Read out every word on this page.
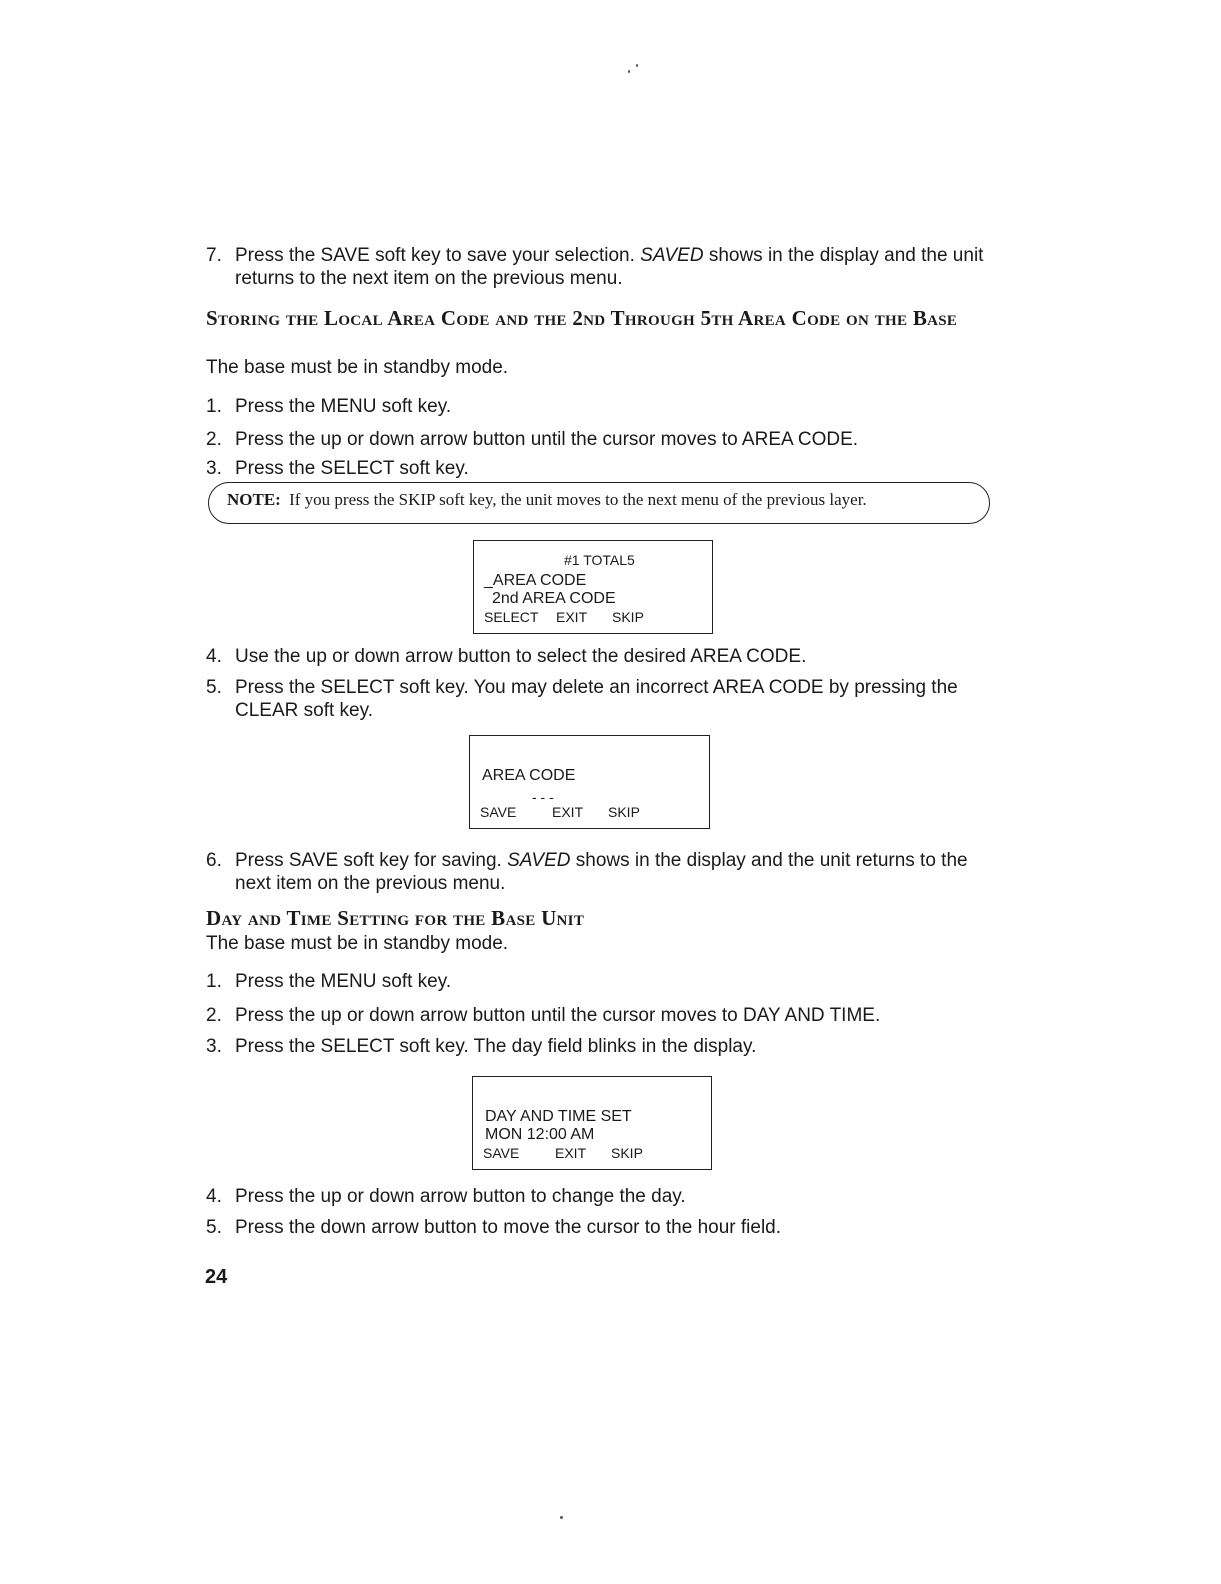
7. Press the SAVE soft key to save your selection. SAVED shows in the display and the unit returns to the next item on the previous menu.
Storing the Local Area Code and the 2nd Through 5th Area Code on the Base
The base must be in standby mode.
1. Press the MENU soft key.
2. Press the up or down arrow button until the cursor moves to AREA CODE.
3. Press the SELECT soft key.
NOTE: If you press the SKIP soft key, the unit moves to the next menu of the previous layer.
#1 TOTAL5
_AREA CODE
2nd AREA CODE
SELECT EXIT SKIP
4. Use the up or down arrow button to select the desired AREA CODE.
5. Press the SELECT soft key. You may delete an incorrect AREA CODE by pressing the CLEAR soft key.
AREA CODE
- - -
SAVE	EXIT SKIP
6. Press SAVE soft key for saving. SAVED shows in the display and the unit returns to the next item on the previous menu.
Day and Time Setting for the Base Unit
The base must be in standby mode.
1. Press the MENU soft key.
2. Press the up or down arrow button until the cursor moves to DAY AND TIME.
3. Press the SELECT soft key. The day field blinks in the display.
DAY AND TIME SET
MON 12:00 AM
SAVE	EXIT SKIP
4. Press the up or down arrow button to change the day.
5. Press the down arrow button to move the cursor to the hour field.
24
